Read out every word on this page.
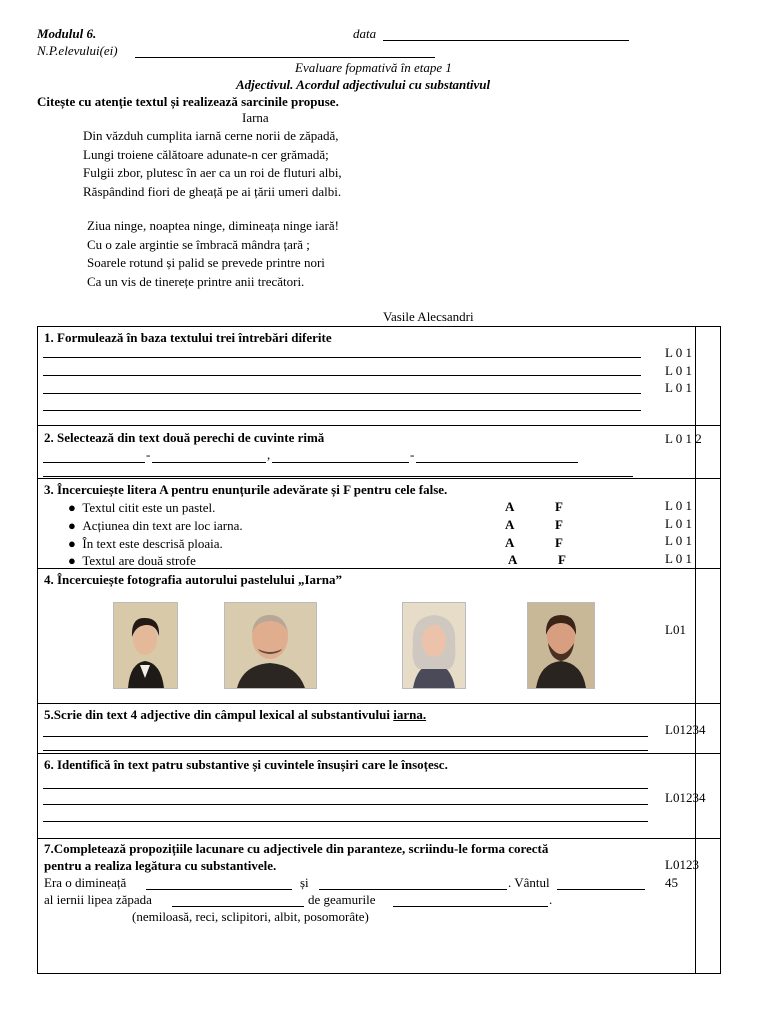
Modulul 6.	data
N.P.elevului(ei)
Evaluare fopmativă în etape 1
Adjectivul. Acordul adjectivului cu substantivul
Citește cu atenție textul și realizează sarcinile propuse.
Iarna
Din văzduh cumplita iarnă cerne norii de zăpadă,
Lungi troiene călătoare adunate-n cer grămadă;
Fulgii zbor, plutesc în aer ca un roi de fluturi albi,
Răspândind fiori de gheață pe ai țării umeri dalbi.
Ziua ninge, noaptea ninge, dimineața ninge iară!
Cu o zale argintie se îmbracă mândra țară ;
Soarele rotund și palid se prevede printre nori
Ca un vis de tinerețe printre anii trecători.
Vasile Alecsandri
1. Formulează în baza textului trei întrebări diferite
L 0 1
L 0 1
L 0 1
2. Selectează din text două perechi de cuvinte rimă
-	,	-
L 0 1 2
3. Încercuiește litera A pentru enunțurile adevărate și F pentru cele false.
●  Textul citit este un pastel.
●  Acțiunea din text are loc iarna.
●  În text este descrisă ploaia.
●  Textul are două strofe
A	F
A	F
A	F
A	F
L 0 1
L 0 1
L 0 1
L 0 1
4. Încercuiește fotografia autorului pastelului „Iarna”
L01
5.Scrie din text 4 adjective din câmpul lexical al substantivului iarna.
L01234
6. Identifică în text patru substantive și cuvintele însușiri care le însoțesc.
L01234
7.Completează propozițiile lacunare cu adjectivele din paranteze, scriindu-le forma corectă
pentru a realiza legătura cu substantivele.
Era o dimineață	și	. Vântul
al iernii lipea zăpada	de geamurile	.
(nemiloasă, reci, sclipitori, albit, posomorâte)
L0123
45
